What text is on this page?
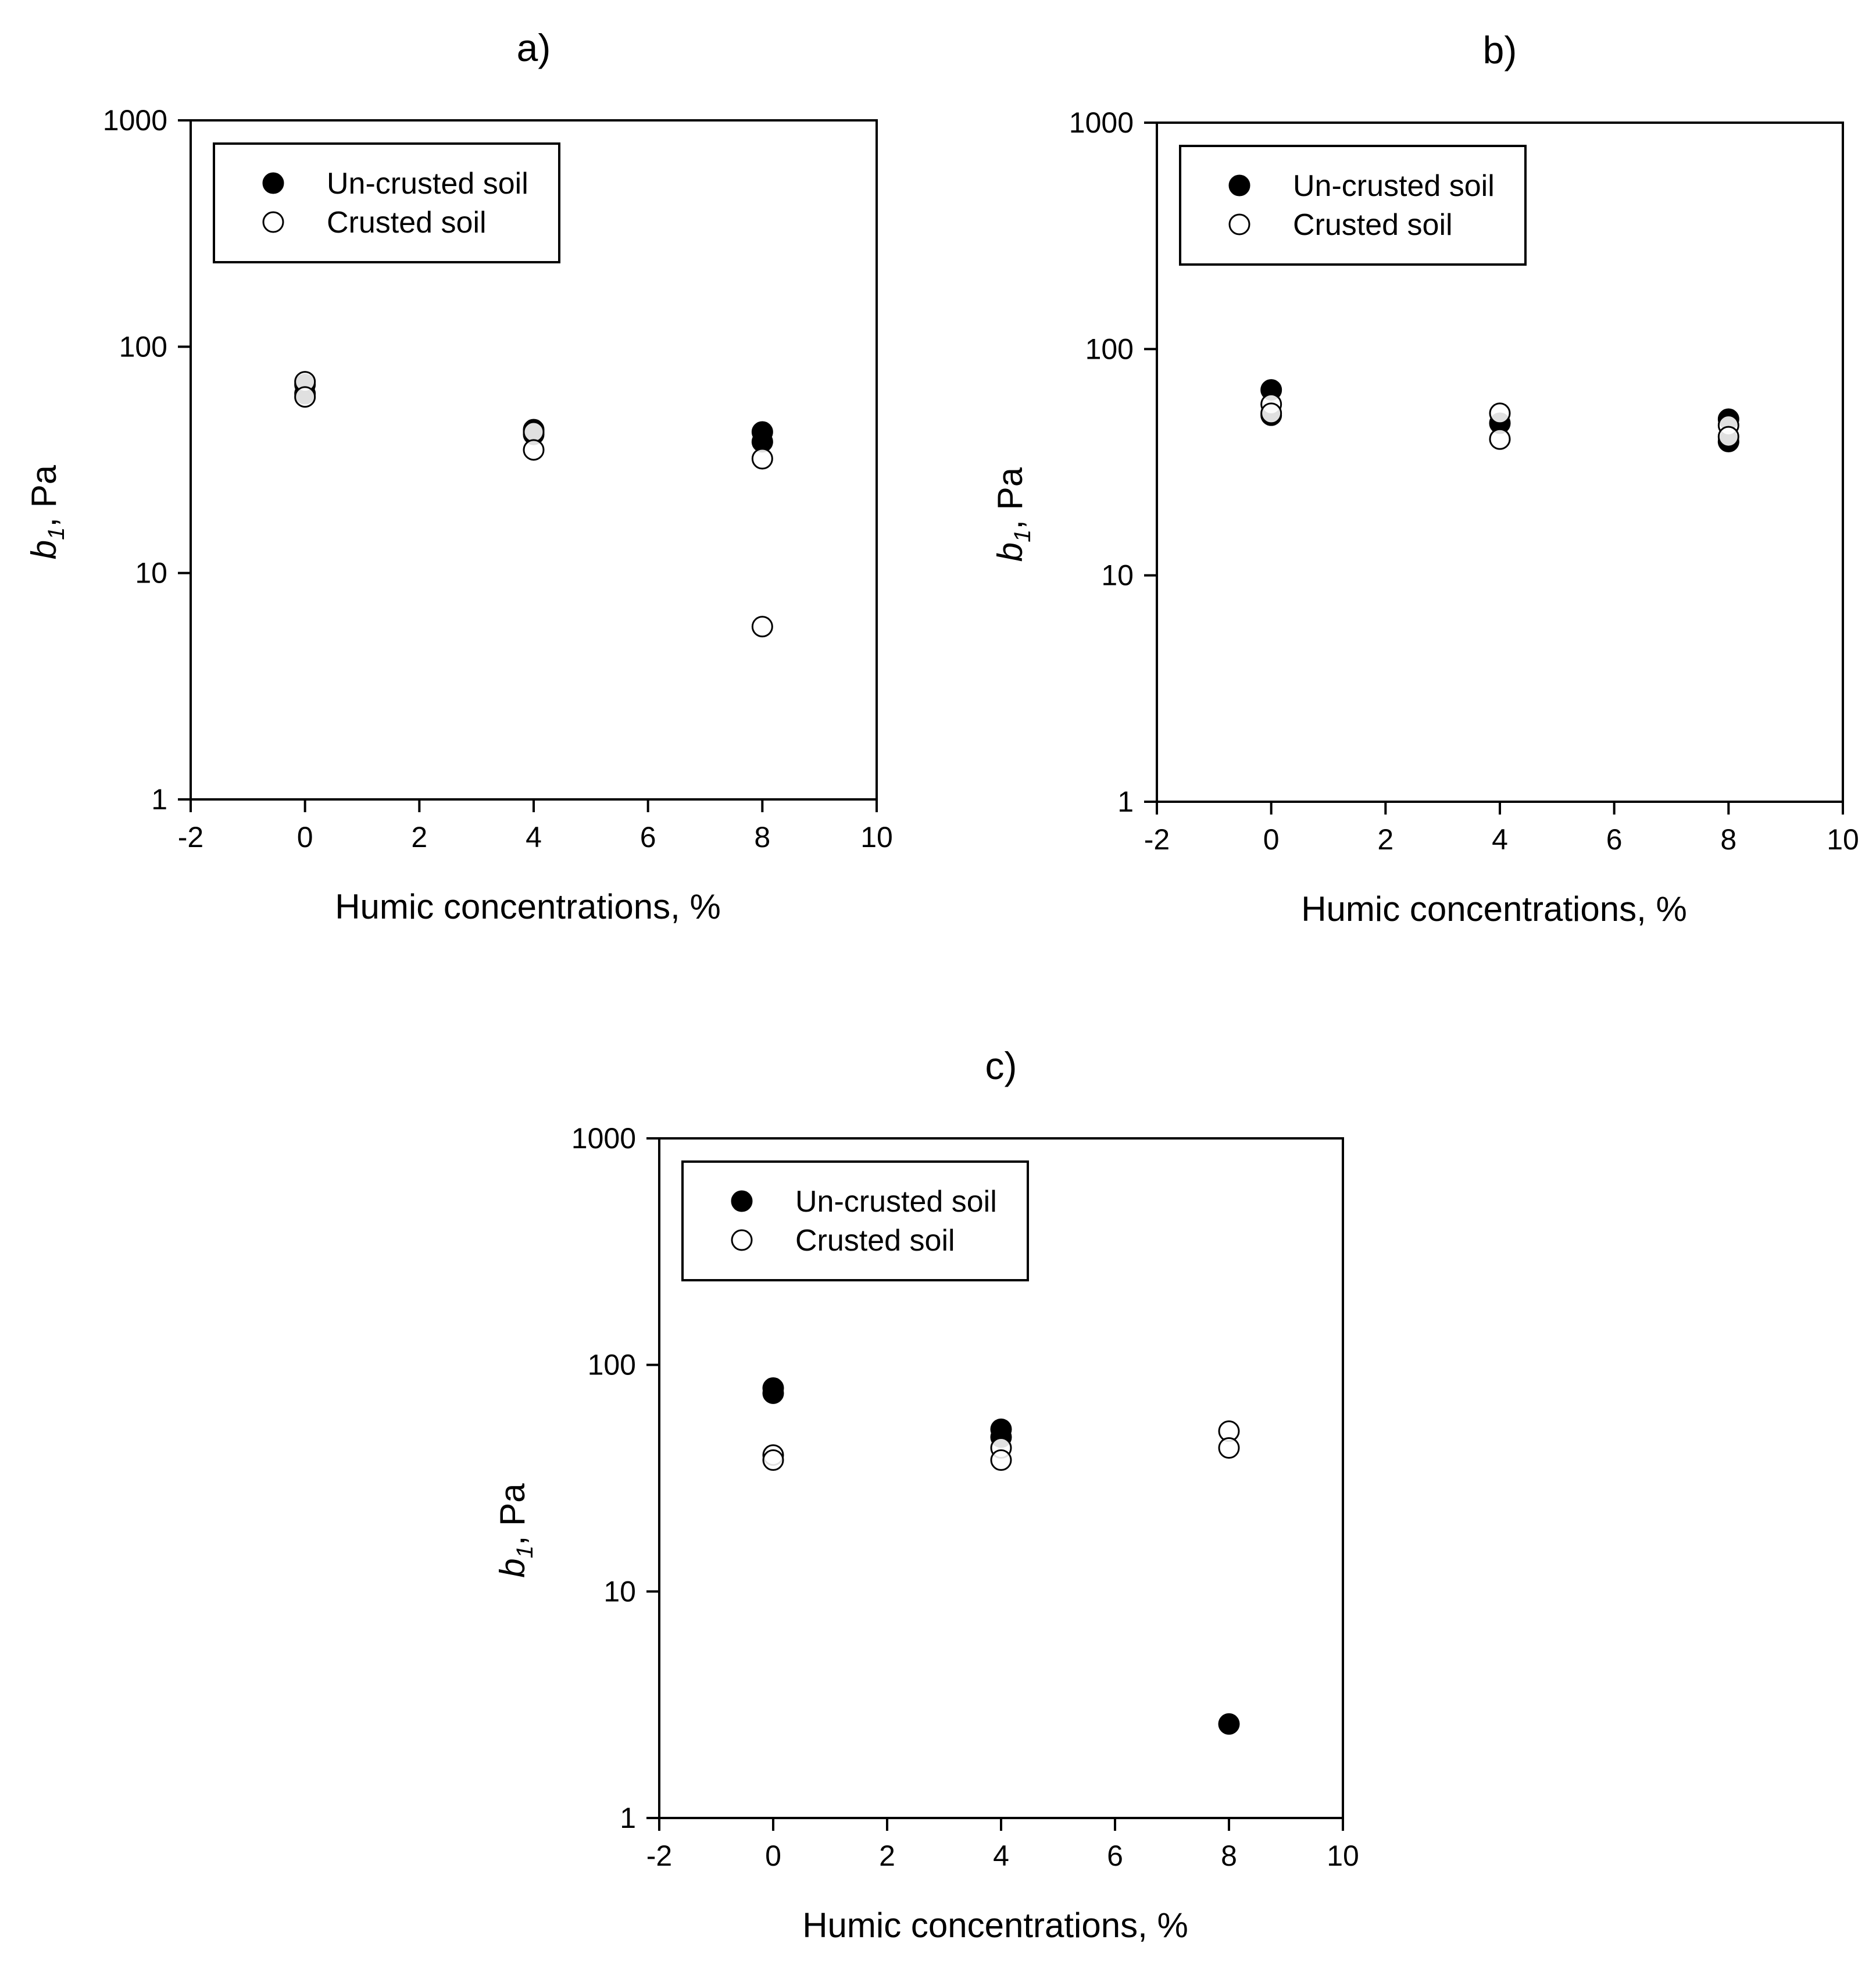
a)
-2	0	2	4	6	8	10
1
10
100
1000
Humic concentrations, %
$b_1$, Pa
Un-crusted soil
Crusted soil
b)
-2	0	2	4	6	8	10
1
10
100
1000
Humic concentrations, %
$b_1$, Pa
Un-crusted soil
Crusted soil
c)
-2	0	2	4	6	8	10
1
10
100
1000
Humic concentrations, %
$b_1$, Pa
Un-crusted soil
Crusted soil
